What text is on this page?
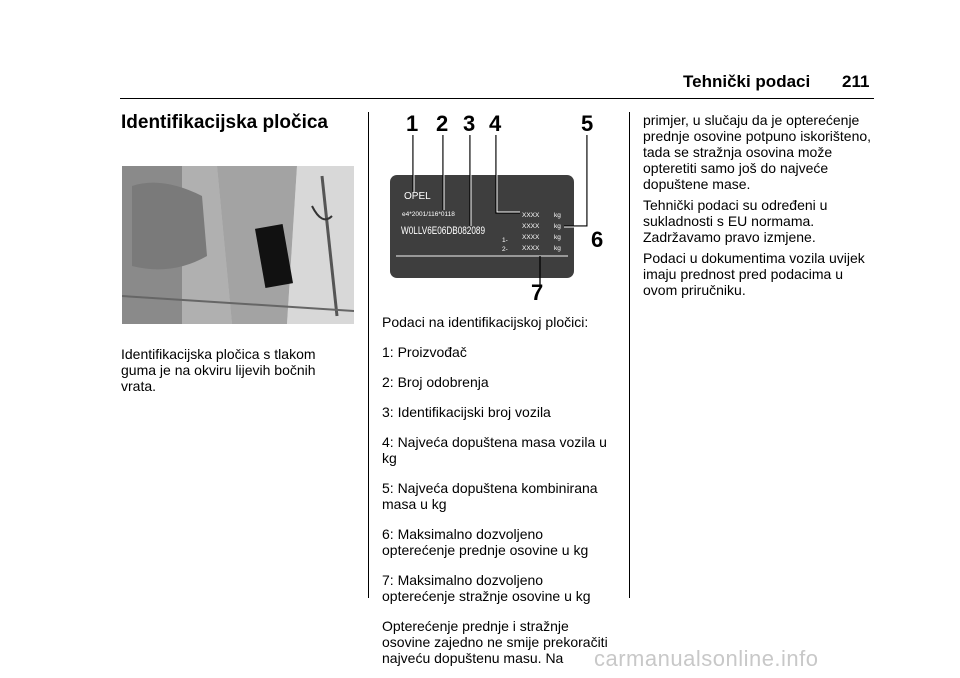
Tehnički podaci 211
Identifikacijska pločica

Identifikacijska pločica s tlakom guma je na okviru lijevih bočnih vrata.

1 2 3 4	5
OPEL
e4*2001/116*0118
W0LLV6E06DB082089
XXXX
XXXX
XXXX
XXXX
kg
kg
kg
kg
1-
2-	6
7

Podaci na identifikacijskoj pločici:

1: Proizvođač

2: Broj odobrenja

3: Identifikacijski broj vozila

4: Najveća dopuštena masa vozila u kg

5: Najveća dopuštena kombinirana masa u kg

6: Maksimalno dozvoljeno opterećenje prednje osovine u kg

7: Maksimalno dozvoljeno opterećenje stražnje osovine u kg

Opterećenje prednje i stražnje osovine zajedno ne smije prekoračiti najveću dopuštenu masu. Na

primjer, u slučaju da je opterećenje prednje osovine potpuno iskorišteno, tada se stražnja osovina može opteretiti samo još do najveće dopuštene mase.

Tehnički podaci su određeni u sukladnosti s EU normama. Zadržavamo pravo izmjene.

Podaci u dokumentima vozila uvijek imaju prednost pred podacima u ovom priručniku.

carmanualsonline.info
